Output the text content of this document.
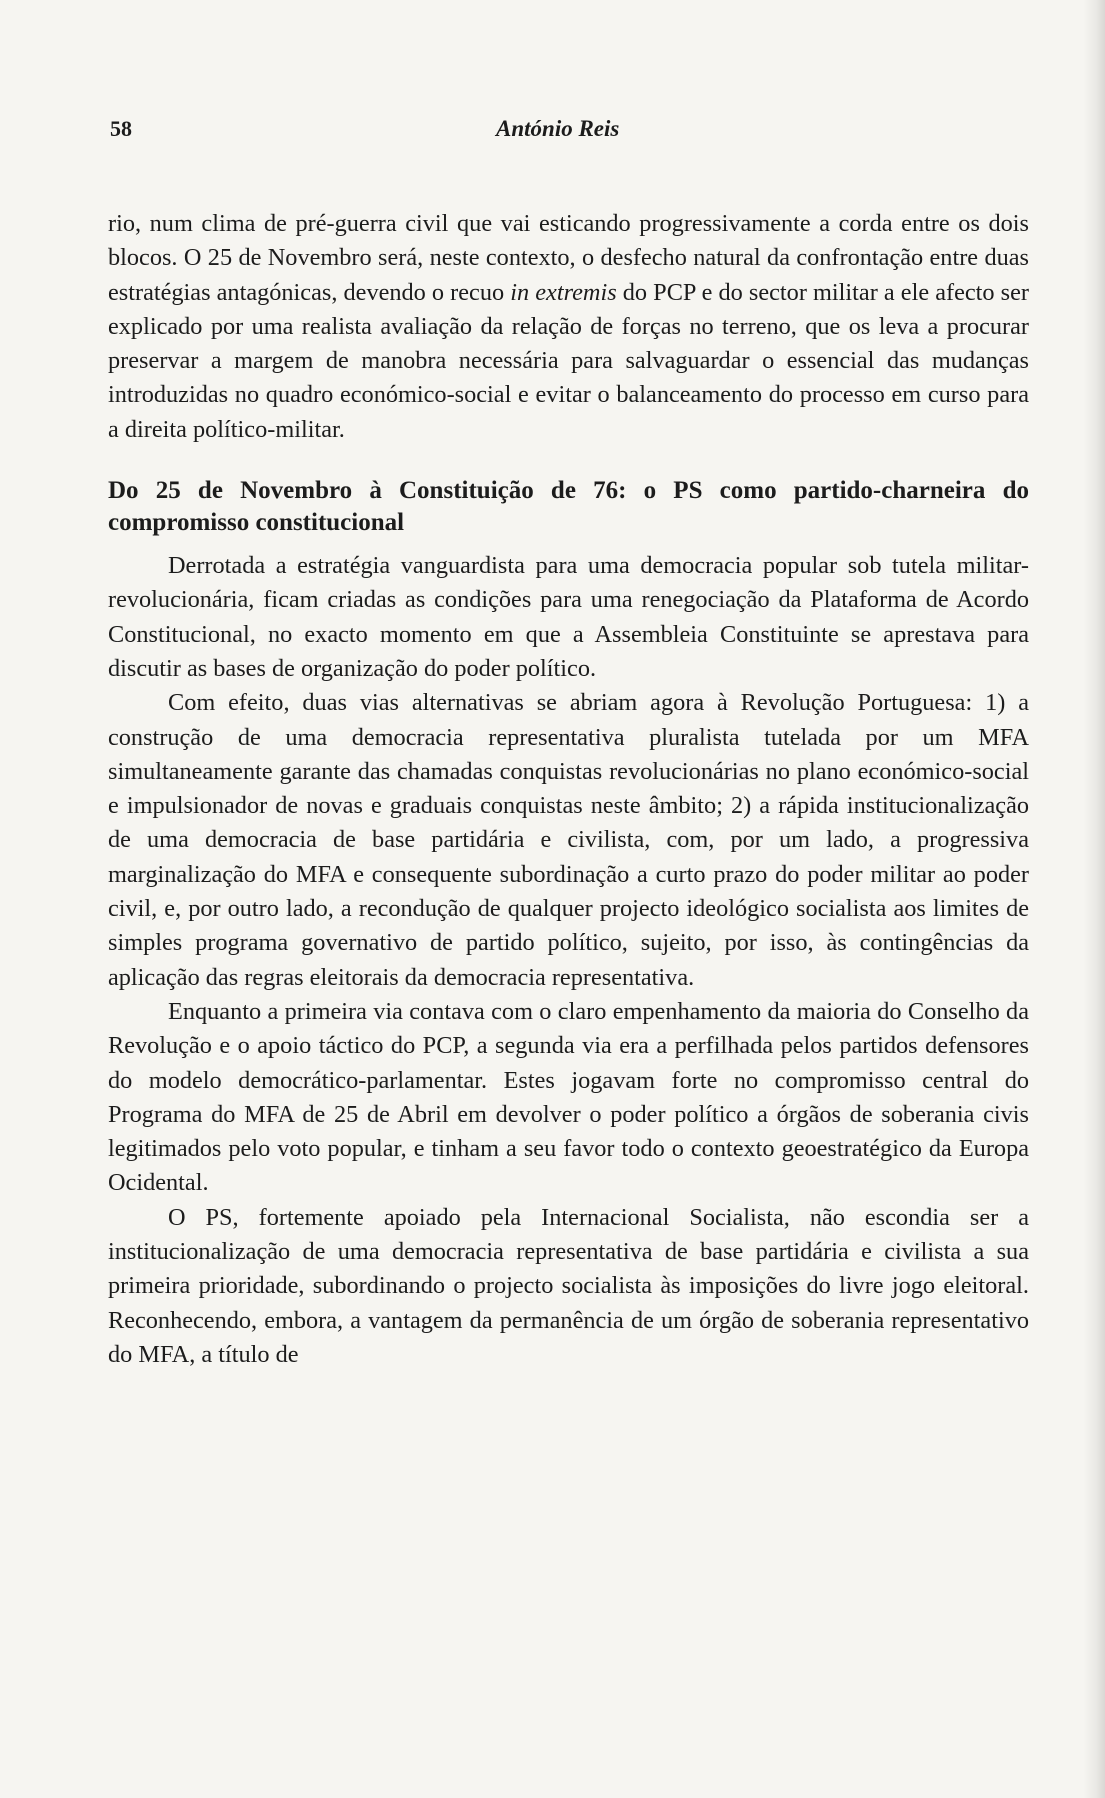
58	António Reis

rio, num clima de pré-guerra civil que vai esticando progressivamente a corda entre os dois blocos. O 25 de Novembro será, neste contexto, o desfecho natural da confrontação entre duas estratégias antagónicas, devendo o recuo in extremis do PCP e do sector militar a ele afecto ser explicado por uma realista avaliação da relação de forças no terreno, que os leva a procurar preservar a margem de manobra necessária para salvaguardar o essencial das mudanças introduzidas no quadro económico-social e evitar o balanceamento do processo em curso para a direita político-militar.

Do 25 de Novembro à Constituição de 76: o PS como partido-charneira do compromisso constitucional

Derrotada a estratégia vanguardista para uma democracia popular sob tutela militar-revolucionária, ficam criadas as condições para uma renegociação da Plataforma de Acordo Constitucional, no exacto momento em que a Assembleia Constituinte se aprestava para discutir as bases de organização do poder político.

Com efeito, duas vias alternativas se abriam agora à Revolução Portuguesa: 1) a construção de uma democracia representativa pluralista tutelada por um MFA simultaneamente garante das chamadas conquistas revolucionárias no plano económico-social e impulsionador de novas e graduais conquistas neste âmbito; 2) a rápida institucionalização de uma democracia de base partidária e civilista, com, por um lado, a progressiva marginalização do MFA e consequente subordinação a curto prazo do poder militar ao poder civil, e, por outro lado, a recondução de qualquer projecto ideológico socialista aos limites de simples programa governativo de partido político, sujeito, por isso, às contingências da aplicação das regras eleitorais da democracia representativa.

Enquanto a primeira via contava com o claro empenhamento da maioria do Conselho da Revolução e o apoio táctico do PCP, a segunda via era a perfilhada pelos partidos defensores do modelo democrático-parlamentar. Estes jogavam forte no compromisso central do Programa do MFA de 25 de Abril em devolver o poder político a órgãos de soberania civis legitimados pelo voto popular, e tinham a seu favor todo o contexto geoestratégico da Europa Ocidental.

O PS, fortemente apoiado pela Internacional Socialista, não escondia ser a institucionalização de uma democracia representativa de base partidária e civilista a sua primeira prioridade, subordinando o projecto socialista às imposições do livre jogo eleitoral. Reconhecendo, embora, a vantagem da permanência de um órgão de soberania representativo do MFA, a título de
